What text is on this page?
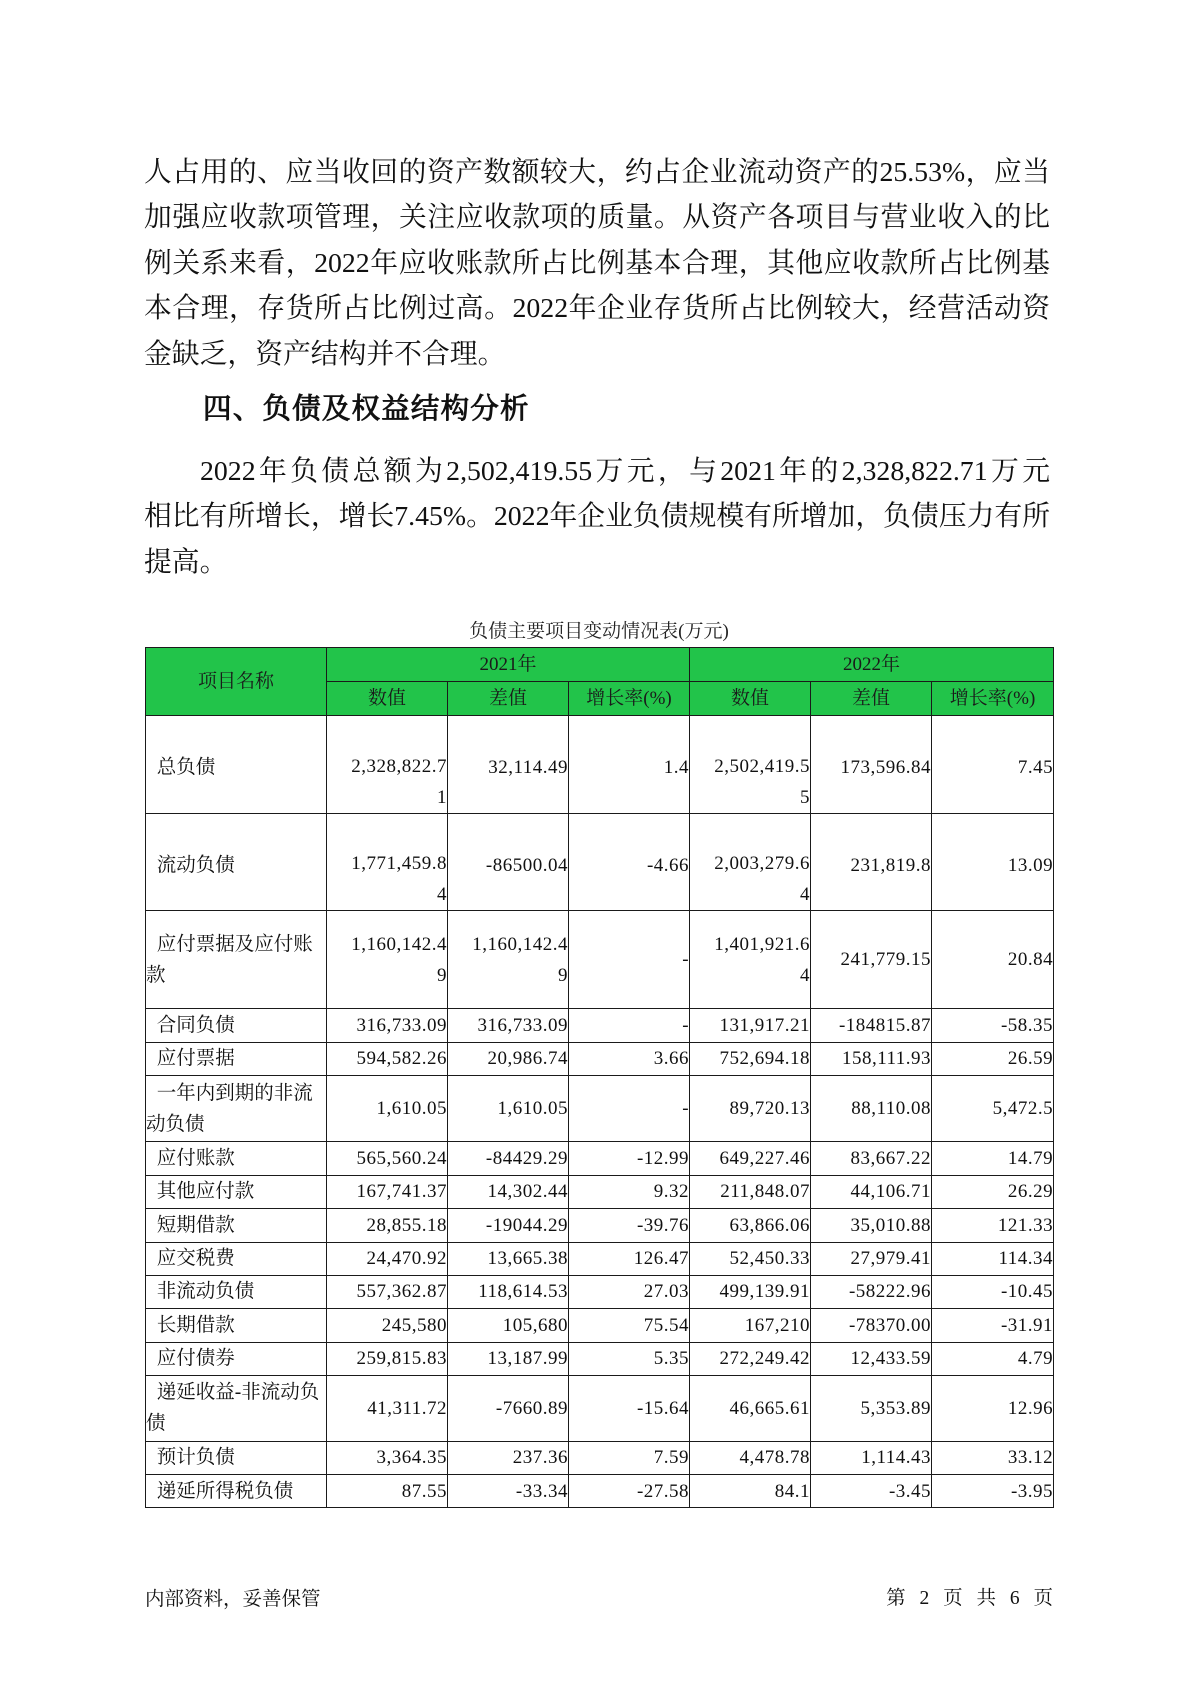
人占用的、应当收回的资产数额较大，约占企业流动资产的25.53%，应当
加强应收款项管理，关注应收款项的质量。从资产各项目与营业收入的比
例关系来看，2022年应收账款所占比例基本合理，其他应收款所占比例基
本合理，存货所占比例过高。2022年企业存货所占比例较大，经营活动资
金缺乏，资产结构并不合理。
四、负债及权益结构分析
2022年负债总额为2,502,419.55万元，与2021年的2,328,822.71万元
相比有所增长，增长7.45%。2022年企业负债规模有所增加，负债压力有所
提高。
负债主要项目变动情况表(万元)
项目名称	2021年			2022年		
	数值	差值	增长率(%)	数值	差值	增长率(%)
总负债	2,328,822.71	32,114.49	1.4	2,502,419.55	173,596.84	7.45
流动负债	1,771,459.84	-86500.04	-4.66	2,003,279.64	231,819.8	13.09
应付票据及应付账款	1,160,142.49	1,160,142.49	-	1,401,921.64	241,779.15	20.84
合同负债	316,733.09	316,733.09	-	131,917.21	-184815.87	-58.35
应付票据	594,582.26	20,986.74	3.66	752,694.18	158,111.93	26.59
一年内到期的非流动负债	1,610.05	1,610.05	-	89,720.13	88,110.08	5,472.5
应付账款	565,560.24	-84429.29	-12.99	649,227.46	83,667.22	14.79
其他应付款	167,741.37	14,302.44	9.32	211,848.07	44,106.71	26.29
短期借款	28,855.18	-19044.29	-39.76	63,866.06	35,010.88	121.33
应交税费	24,470.92	13,665.38	126.47	52,450.33	27,979.41	114.34
非流动负债	557,362.87	118,614.53	27.03	499,139.91	-58222.96	-10.45
长期借款	245,580	105,680	75.54	167,210	-78370.00	-31.91
应付债券	259,815.83	13,187.99	5.35	272,249.42	12,433.59	4.79
递延收益-非流动负债	41,311.72	-7660.89	-15.64	46,665.61	5,353.89	12.96
预计负债	3,364.35	237.36	7.59	4,478.78	1,114.43	33.12
递延所得税负债	87.55	-33.34	-27.58	84.1	-3.45	-3.95
内部资料，妥善保管	第 2 页 共 6 页
